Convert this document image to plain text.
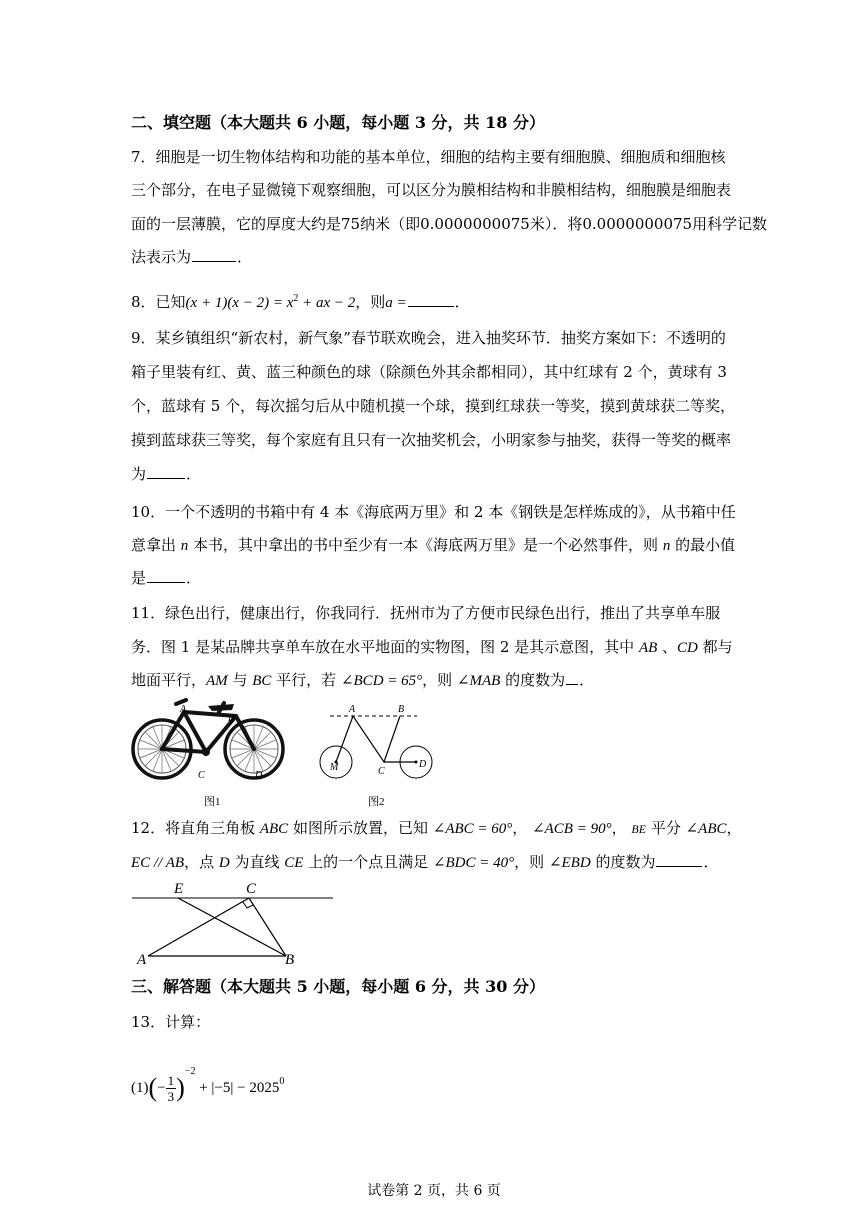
二、填空题（本大题共 6 小题，每小题 3 分，共 18 分）
7．细胞是一切生物体结构和功能的基本单位，细胞的结构主要有细胞膜、细胞质和细胞核
三个部分，在电子显微镜下观察细胞，可以区分为膜相结构和非膜相结构，细胞膜是细胞表
面的一层薄膜，它的厚度大约是75纳米（即0.0000000075米）．将0.0000000075用科学记数
法表示为	．
8．已知$(x + 1)(x - 2) = x^2$ + ax − 2，则a =	．
9．某乡镇组织“新农村，新气象”春节联欢晚会，进入抽奖环节．抽奖方案如下：不透明的
箱子里装有红、黄、蓝三种颜色的球（除颜色外其余都相同），其中红球有 2 个，黄球有 3
个，蓝球有 5 个，每次摇匀后从中随机摸一个球，摸到红球获一等奖，摸到黄球获二等奖，
摸到蓝球获三等奖，每个家庭有且只有一次抽奖机会，小明家参与抽奖，获得一等奖的概率
为	．
10．一个不透明的书箱中有 4 本《海底两万里》和 2 本《钢铁是怎样炼成的》，从书箱中任
意拿出 n 本书，其中拿出的书中至少有一本《海底两万里》是一个必然事件，则 n 的最小值
是	．
11．绿色出行，健康出行，你我同行．抚州市为了方便市民绿色出行，推出了共享单车服
务．图 1 是某品牌共享单车放在水平地面的实物图，图 2 是其示意图，其中 AB 、CD 都与
地面平行，AM 与 BC 平行，若 ∠BCD = 65°，则 ∠MAB 的度数为 ．
A
B
C	D
图1
A	B
M	C
D
图2
12．将直角三角板 ABC 如图所示放置，已知 ∠ABC = 60°， ∠ACB = 90°， BE 平分 ∠ABC，
EC // AB，点 D 为直线 CE 上的一个点且满足 ∠BDC = 40°，则 ∠EBD 的度数为	．
E	C
A	B
三、解答题（本大题共 5 小题，每小题 6 分，共 30 分）
13．计算：
$(1)(- \frac{1}{3} )^{-2} + |-5| - 2025^0$
试卷第 2 页，共 6 页
